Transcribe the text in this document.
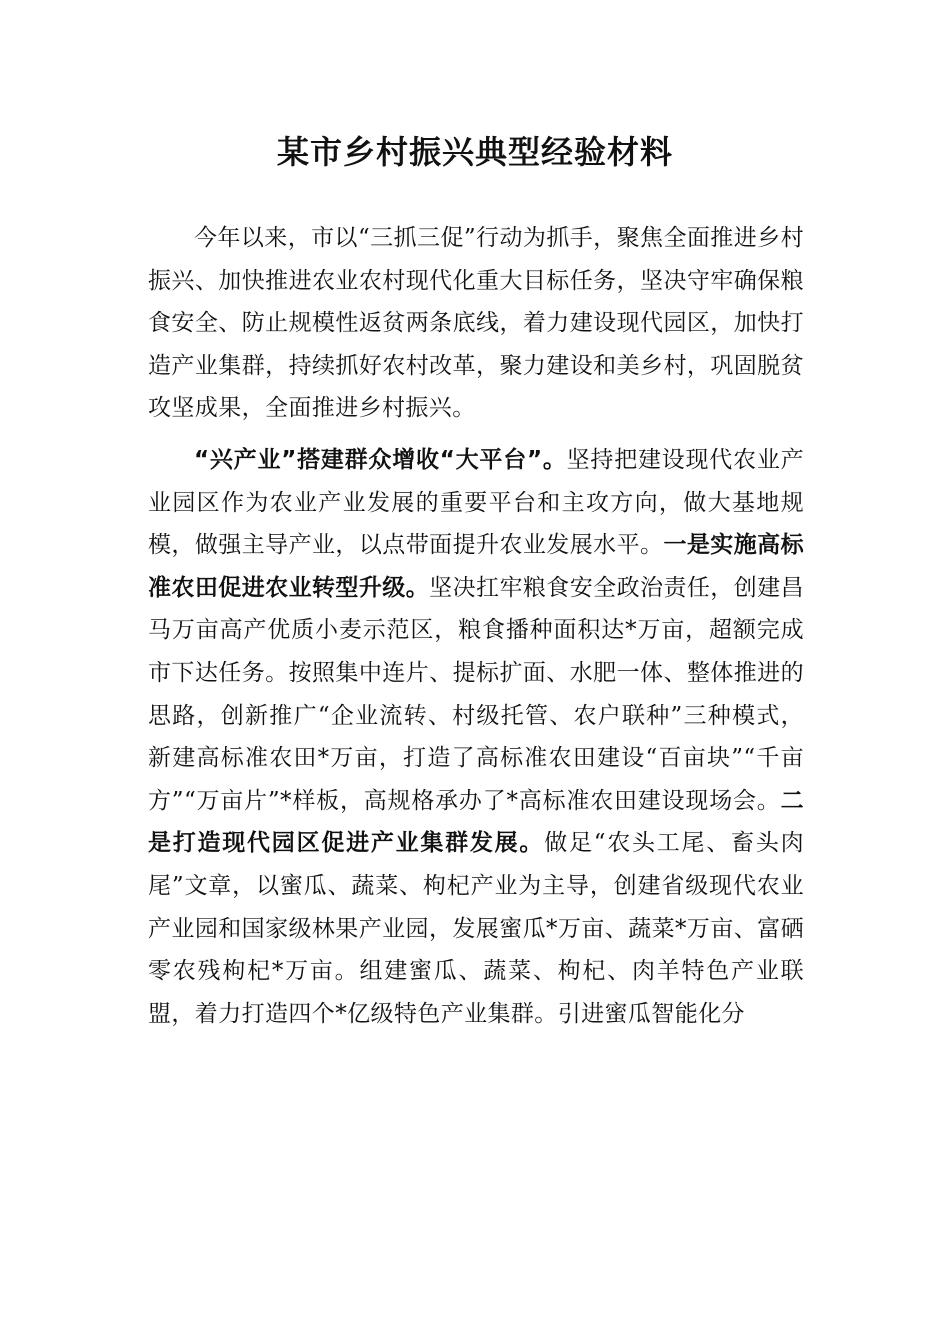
某市乡村振兴典型经验材料

今年以来，市以“三抓三促”行动为抓手，聚焦全面推进乡村振兴、加快推进农业农村现代化重大目标任务，坚决守牢确保粮食安全、防止规模性返贫两条底线，着力建设现代园区，加快打造产业集群，持续抓好农村改革，聚力建设和美乡村，巩固脱贫攻坚成果，全面推进乡村振兴。

“兴产业”搭建群众增收“大平台”。坚持把建设现代农业产业园区作为农业产业发展的重要平台和主攻方向，做大基地规模，做强主导产业，以点带面提升农业发展水平。一是实施高标准农田促进农业转型升级。坚决扛牢粮食安全政治责任，创建昌马万亩高产优质小麦示范区，粮食播种面积达*万亩，超额完成市下达任务。按照集中连片、提标扩面、水肥一体、整体推进的思路，创新推广“企业流转、村级托管、农户联种”三种模式，新建高标准农田*万亩，打造了高标准农田建设“百亩块”“千亩方”“万亩片”*样板，高规格承办了*高标准农田建设现场会。二是打造现代园区促进产业集群发展。做足“农头工尾、畜头肉尾”文章，以蜜瓜、蔬菜、枸杞产业为主导，创建省级现代农业产业园和国家级林果产业园，发展蜜瓜*万亩、蔬菜*万亩、富硒零农残枸杞*万亩。组建蜜瓜、蔬菜、枸杞、肉羊特色产业联盟，着力打造四个*亿级特色产业集群。引进蜜瓜智能化分
